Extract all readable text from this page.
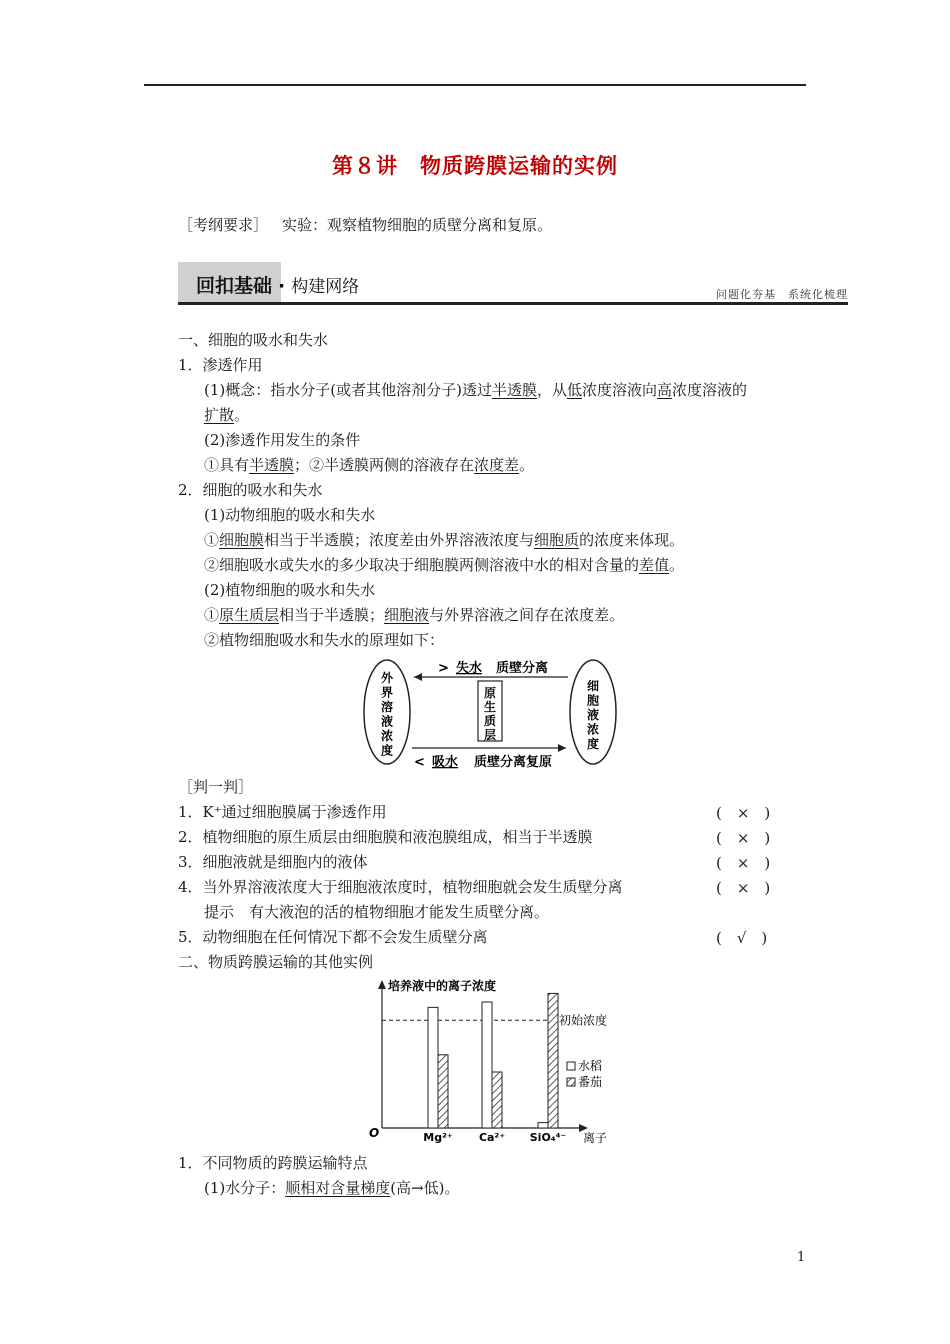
第８讲　物质跨膜运输的实例
［考纲要求］ 实验：观察植物细胞的质壁分离和复原。
回扣基础 · 构建网络	问题化夯基　系统化梳理
一、细胞的吸水和失水
1．渗透作用
(1)概念：指水分子(或者其他溶剂分子)透过半透膜，从低浓度溶液向高浓度溶液的
扩散。
(2)渗透作用发生的条件
①具有半透膜；②半透膜两侧的溶液存在浓度差。
2．细胞的吸水和失水
(1)动物细胞的吸水和失水
①细胞膜相当于半透膜；浓度差由外界溶液浓度与细胞质的浓度来体现。
②细胞吸水或失水的多少取决于细胞膜两侧溶液中水的相对含量的差值。
(2)植物细胞的吸水和失水
①原生质层相当于半透膜；细胞液与外界溶液之间存在浓度差。
②植物细胞吸水和失水的原理如下：
外
界
溶
液
浓
度
细
胞
液
浓
度
原
生
质
层
> 失水 质壁分离
< 吸水 质壁分离复原
［判一判］
1．K⁺通过细胞膜属于渗透作用	(　×　)
2．植物细胞的原生质层由细胞膜和液泡膜组成，相当于半透膜	(　×　)
3．细胞液就是细胞内的液体	(　×　)
4．当外界溶液浓度大于细胞液浓度时，植物细胞就会发生质壁分离	(　×　)
提示　有大液泡的活的植物细胞才能发生质壁分离。
5．动物细胞在任何情况下都不会发生质壁分离	(　√　)
二、物质跨膜运输的其他实例
培养液中的离子浓度
离子
O
初始浓度
Mg²⁺ Ca²⁺ SiO₄⁴⁻
水稻
番茄
1．不同物质的跨膜运输特点
(1)水分子：顺相对含量梯度(高→低)。
1
